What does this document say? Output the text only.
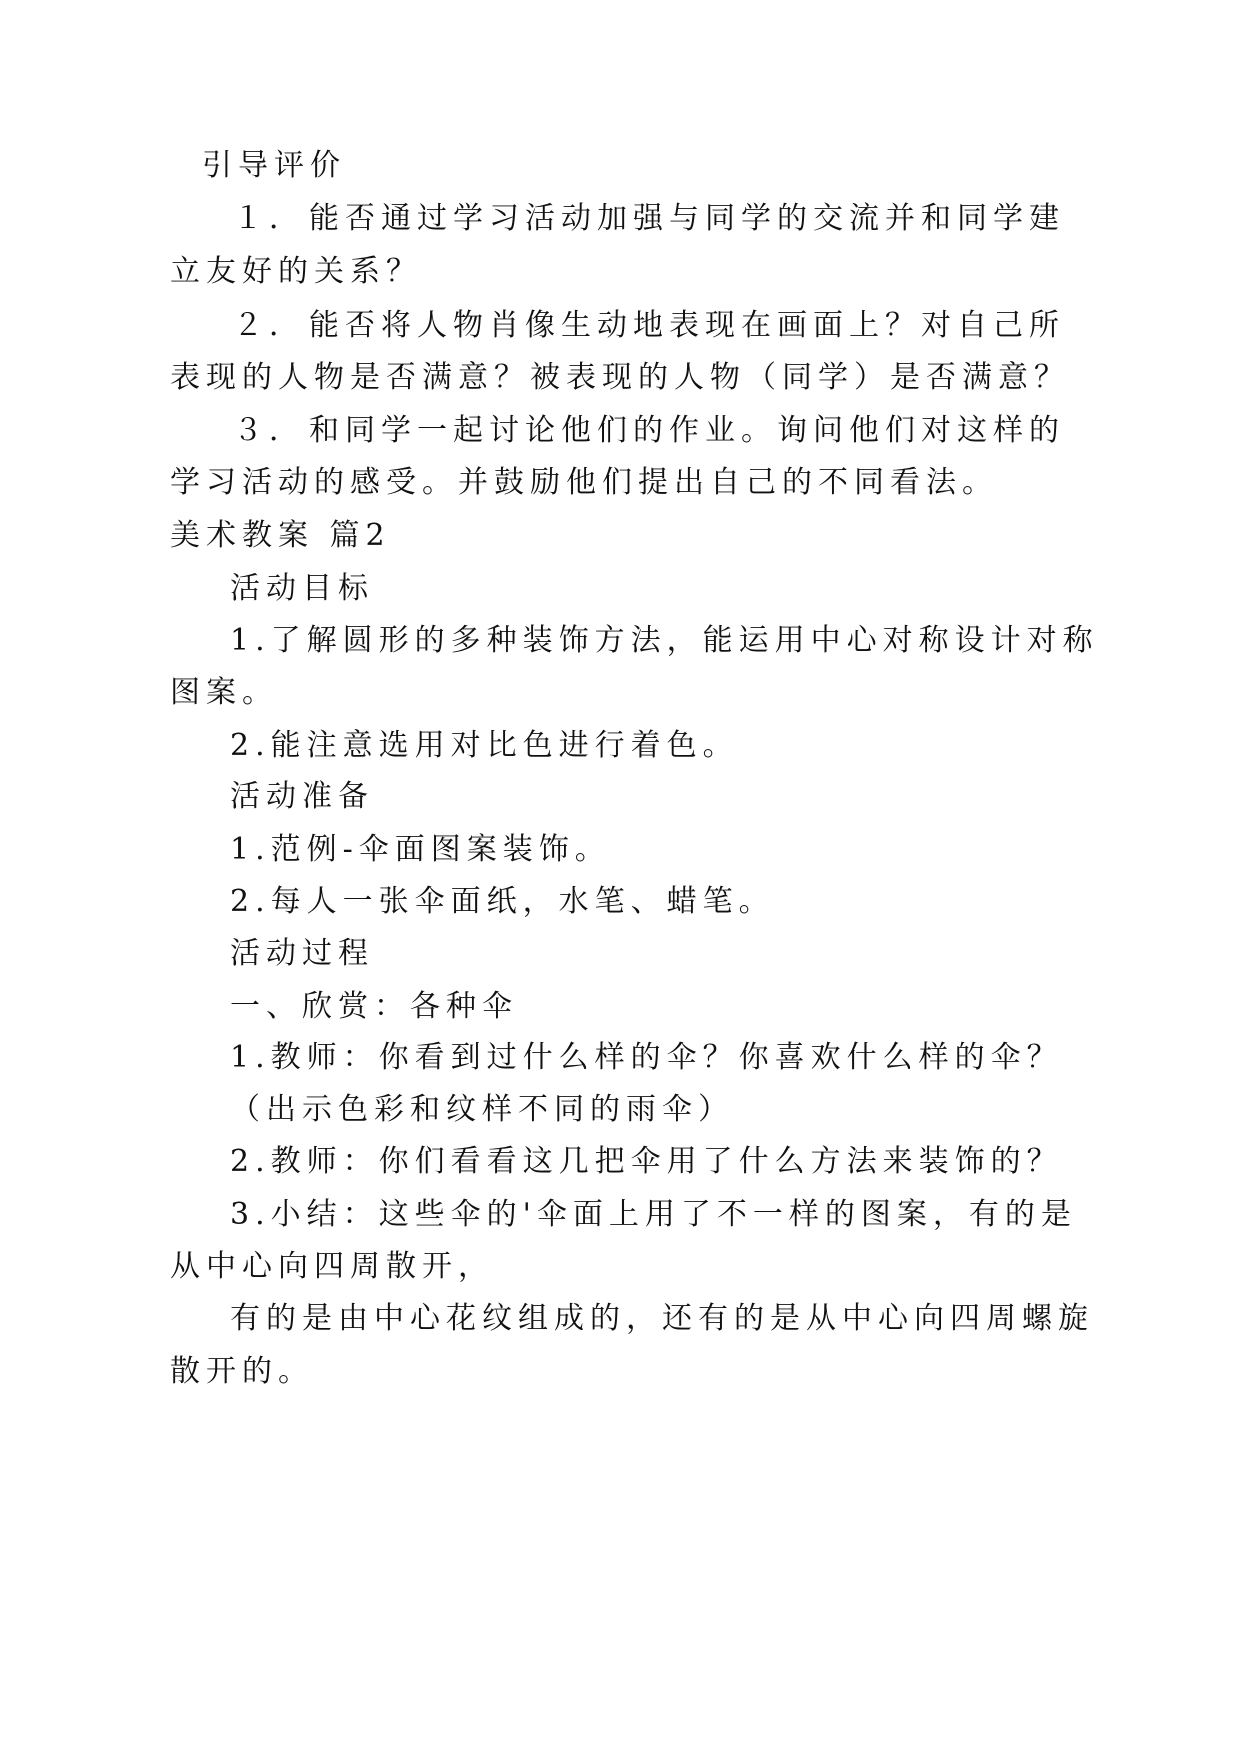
引导评价
１． 能否通过学习活动加强与同学的交流并和同学建
立友好的关系？
２． 能否将人物肖像生动地表现在画面上？对自己所
表现的人物是否满意？被表现的人物（同学）是否满意？
３． 和同学一起讨论他们的作业。询问他们对这样的
学习活动的感受。并鼓励他们提出自己的不同看法。
美术教案 篇2
活动目标
1.了解圆形的多种装饰方法，能运用中心对称设计对称
图案。
2.能注意选用对比色进行着色。
活动准备
1.范例-伞面图案装饰。
2.每人一张伞面纸，水笔、蜡笔。
活动过程
一、欣赏：各种伞
1.教师：你看到过什么样的伞？你喜欢什么样的伞？
（出示色彩和纹样不同的雨伞）
2.教师：你们看看这几把伞用了什么方法来装饰的？
3.小结：这些伞的'伞面上用了不一样的图案，有的是
从中心向四周散开，
有的是由中心花纹组成的，还有的是从中心向四周螺旋
散开的。
